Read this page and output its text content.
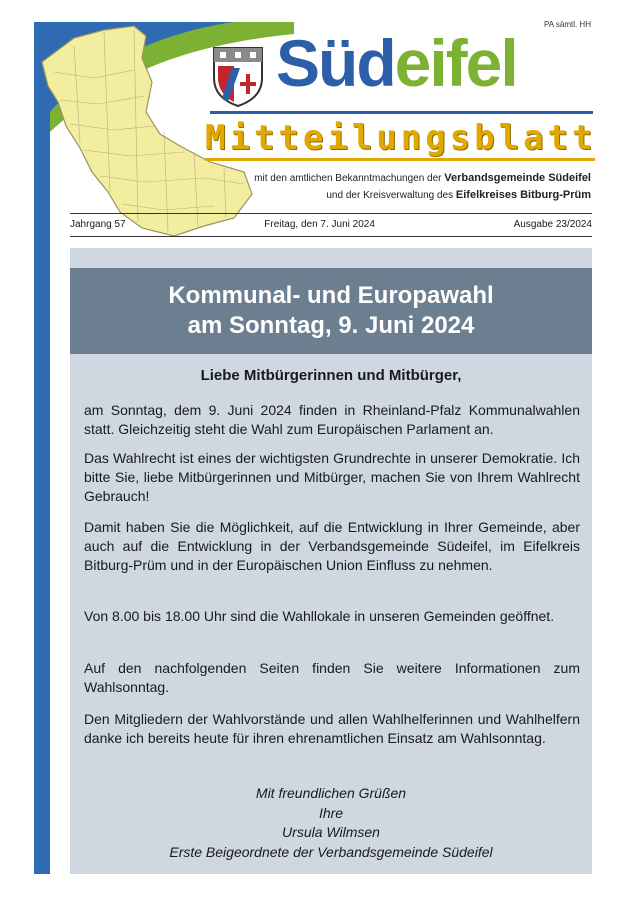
PA sämtl. HH
Südeifel
Mitteilungsblatt
mit den amtlichen Bekanntmachungen der Verbandsgemeinde Südeifel
und der Kreisverwaltung des Eifelkreises Bitburg-Prüm
Jahrgang 57	Freitag, den 7. Juni 2024	Ausgabe 23/2024
Kommunal- und Europawahl
am Sonntag, 9. Juni 2024
Liebe Mitbürgerinnen und Mitbürger,
am Sonntag, dem 9. Juni 2024 finden in Rheinland-Pfalz Kommunalwahlen statt. Gleichzeitig steht die Wahl zum Europäischen Parlament an.
Das Wahlrecht ist eines der wichtigsten Grundrechte in unserer Demokratie. Ich bitte Sie, liebe Mitbürgerinnen und Mitbürger, machen Sie von Ihrem Wahlrecht Gebrauch!
Damit haben Sie die Möglichkeit, auf die Entwicklung in Ihrer Gemeinde, aber auch auf die Entwicklung in der Verbandsgemeinde Südeifel, im Eifelkreis Bitburg-Prüm und in der Europäischen Union Einfluss zu nehmen.
Von 8.00 bis 18.00 Uhr sind die Wahllokale in unseren Gemeinden geöffnet.
Auf den nachfolgenden Seiten finden Sie weitere Informationen zum Wahlsonntag.
Den Mitgliedern der Wahlvorstände und allen Wahlhelferinnen und Wahlhelfern danke ich bereits heute für ihren ehrenamtlichen Einsatz am Wahlsonntag.
Mit freundlichen Grüßen
Ihre
Ursula Wilmsen
Erste Beigeordnete der Verbandsgemeinde Südeifel
